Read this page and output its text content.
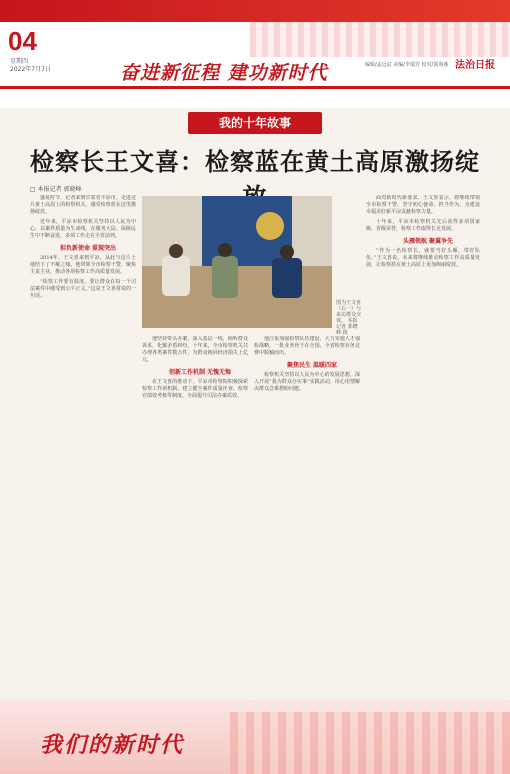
04
星期四
2022年7月7日	奋进新征程 建功新时代	编辑/孟远辰 美编/李瑞芳 校对/郭海燕 法治日报
我的十年故事
检察长王文喜：检察蓝在黄土高原激扬绽
□ 本报记者 郭晓峰

盛夏时节，记者来到甘肃省平凉市，走进这片黄土高原上的检察机关，感受检察蓝在这里激扬绽放。

近年来，平凉市检察机关坚持以人民为中心，以案件质量为生命线，在服务大局、保障民生中不断奋进，多项工作走在全省前列。

担负新使命 重现突出

2014年，王文喜来到平凉，从此与这片土地结下了不解之缘。他带领全市检察干警，聚焦主责主业，推动各项检察工作高质量发展。

“检察工作要有温度，要让群众在每一个司法案件中感受到公平正义。”这是王文喜常说的一句话。

图为王文喜（右一）与来访群众交谈。 本报记者 郭晓峰 摄

他坚持带头办案，深入基层一线，倾听群众诉求，化解矛盾纠纷。十年来，全市检察机关共办理各类案件数万件，为群众挽回经济损失上亿元。

创新工作机制 无愧无悔

在王文喜的推动下，平凉市检察院积极探索检察工作新机制，建立健全案件质量评查、检察官绩效考核等制度，全面提升司法办案质效。

他注重加强检察队伍建设，大力实施人才强检战略，一批业务骨干在全国、全省检察业务竞赛中脱颖而出。

聚焦民生 温暖四家

检察机关坚持以人民为中心的发展思想，深入开展“我为群众办实事”实践活动，用心用情解决群众急难愁盼问题。

面对新时代新要求，王文喜表示，将继续带领全市检察干警，坚守初心使命，担当作为，为建设幸福美好新平凉贡献检察力量。

十年来，平凉市检察机关先后获得多项国家级、省级荣誉，检察工作取得长足发展。

头雁领航 聚翼争先

“作为一名检察长，就要当好头雁，带好队伍。”王文喜说，未来将继续推动检察工作高质量发展，让检察蓝在黄土高原上更加绚丽绽放。

我们的新时代
